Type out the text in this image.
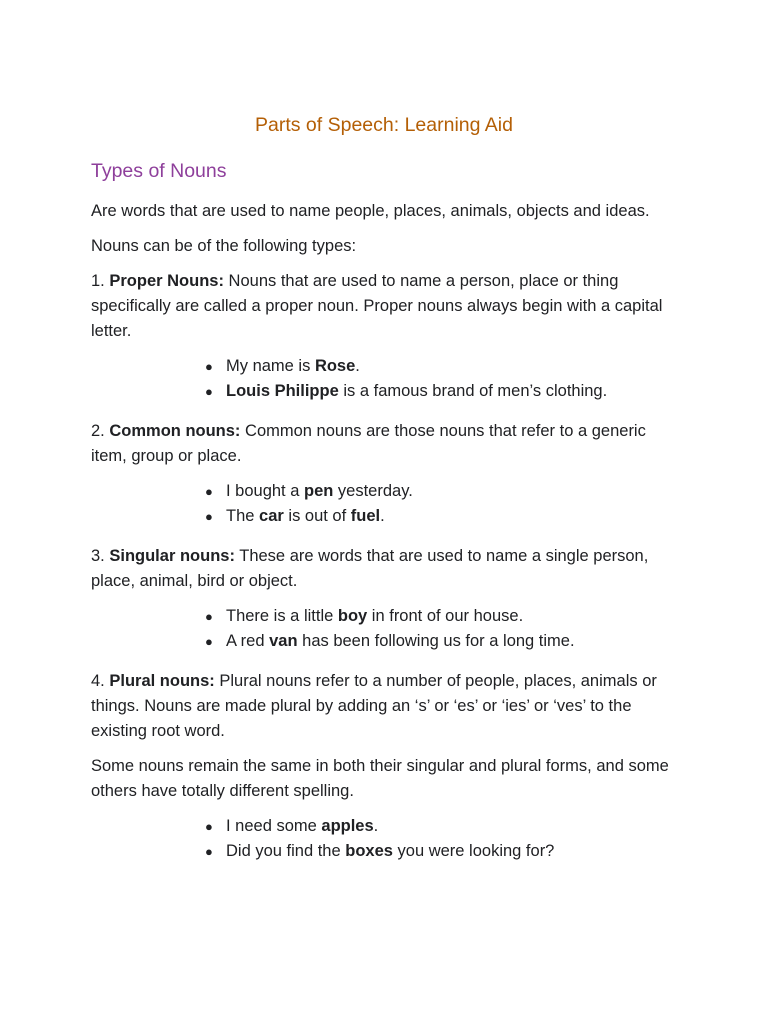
Parts of Speech: Learning Aid
Types of Nouns

Are words that are used to name people, places, animals, objects and ideas.

Nouns can be of the following types:

1. Proper Nouns: Nouns that are used to name a person, place or thing specifically are called a proper noun. Proper nouns always begin with a capital letter.

● My name is Rose.
● Louis Philippe is a famous brand of men’s clothing.

2. Common nouns: Common nouns are those nouns that refer to a generic item, group or place.

● I bought a pen yesterday.
● The car is out of fuel.

3. Singular nouns: These are words that are used to name a single person, place, animal, bird or object.

● There is a little boy in front of our house.
● A red van has been following us for a long time.

4. Plural nouns: Plural nouns refer to a number of people, places, animals or things. Nouns are made plural by adding an ‘s’ or ‘es’ or ‘ies’ or ‘ves’ to the existing root word.

Some nouns remain the same in both their singular and plural forms, and some others have totally different spelling.

● I need some apples.
● Did you find the boxes you were looking for?
